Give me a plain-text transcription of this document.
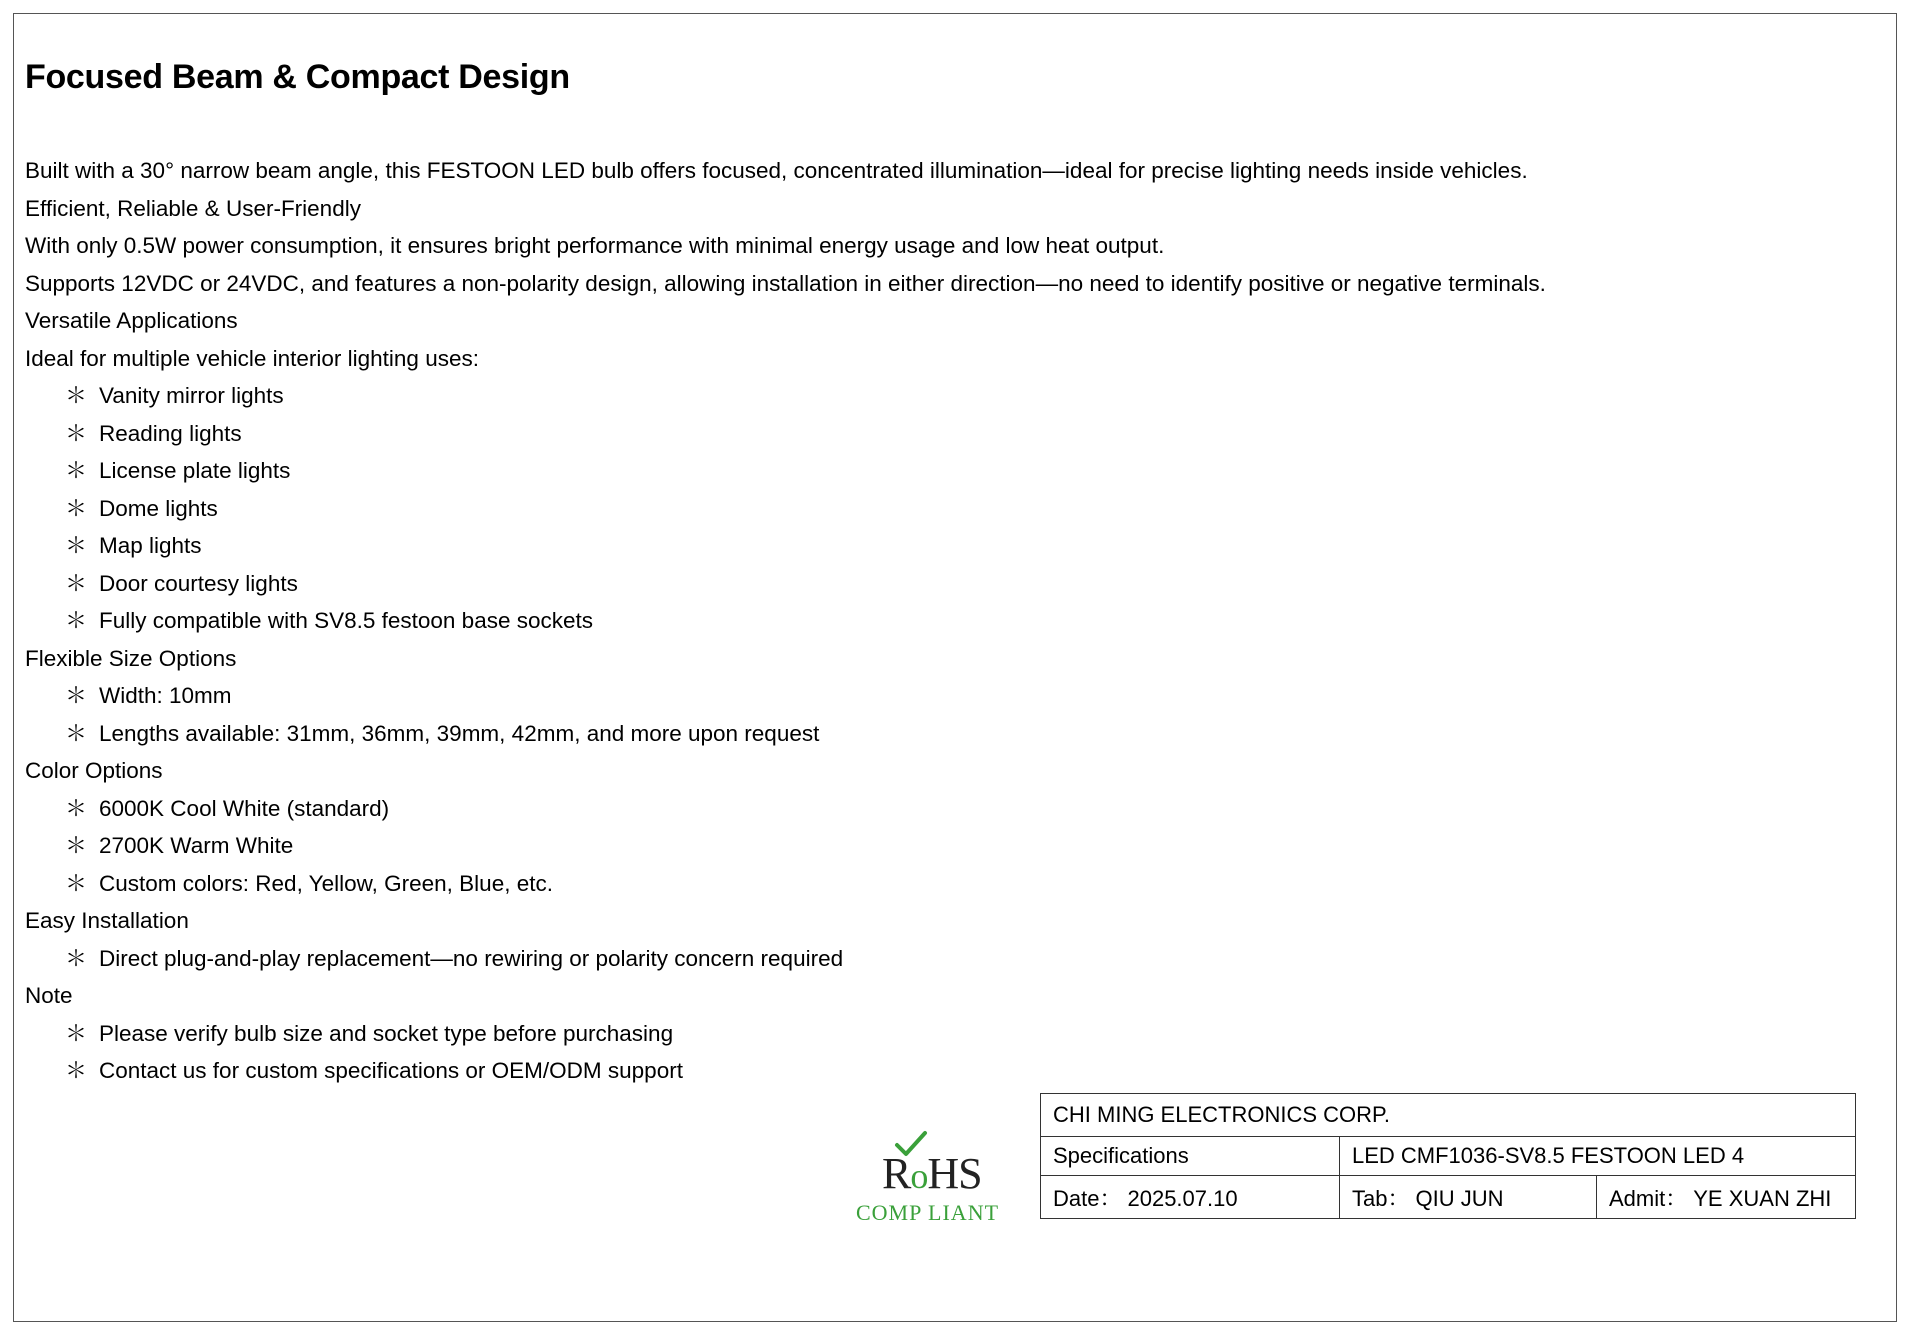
Focused Beam & Compact Design
Built with a 30° narrow beam angle, this FESTOON LED bulb offers focused, concentrated illumination—ideal for precise lighting needs inside vehicles.
Efficient, Reliable & User-Friendly
With only 0.5W power consumption, it ensures bright performance with minimal energy usage and low heat output.
Supports 12VDC or 24VDC, and features a non-polarity design, allowing installation in either direction—no need to identify positive or negative terminals.
Versatile Applications
Ideal for multiple vehicle interior lighting uses:
＊ Vanity mirror lights
＊ Reading lights
＊ License plate lights
＊ Dome lights
＊ Map lights
＊ Door courtesy lights
＊ Fully compatible with SV8.5 festoon base sockets
Flexible Size Options
＊ Width: 10mm
＊ Lengths available: 31mm, 36mm, 39mm, 42mm, and more upon request
Color Options
＊ 6000K Cool White (standard)
＊ 2700K Warm White
＊ Custom colors: Red, Yellow, Green, Blue, etc.
Easy Installation
＊ Direct plug-and-play replacement—no rewiring or polarity concern required
Note
＊ Please verify bulb size and socket type before purchasing
＊ Contact us for custom specifications or OEM/ODM support
RoHS
COMP LIANT
CHI MING ELECTRONICS CORP.		
Specifications	LED CMF1036-SV8.5 FESTOON LED 4	
Date： 2025.07.10	Tab： QIU JUN	Admit： YE XUAN ZHI
